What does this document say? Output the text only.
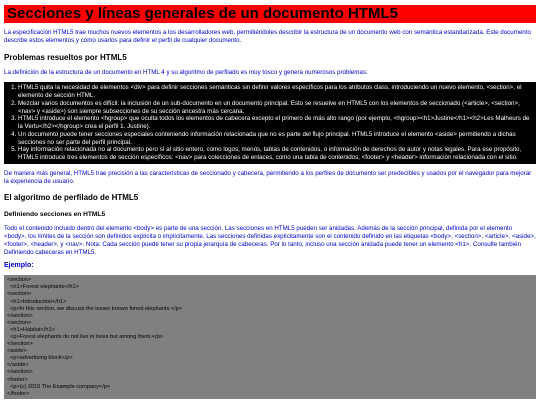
Secciones y líneas generales de un documento HTML5

La especificación HTML5 trae muchos nuevos elementos a los desarrolladores web, permitiéndoles describir la estructura de un documento web con semántica estandarizada. Este documento describe estos elementos y cómo usarlos para definir el perfil de cualquier documento.

Problemas resueltos por HTML5

La definición de la estructura de un documento en HTML 4 y su algoritmo de perfilado es muy tosco y genera numerosos problemas:

1. HTML5 quita la necesidad de elementos <div> para definir secciones semánticas sin definir valores específicos para los atributos class, introduciendo un nuevo elemento, <section>, el elemento de sección HTML.
2. Mezclar varios documentos es difícil: la inclusión de un sub-documento en un documento principal. Esto se resuelve en HTML5 con los elementos de seccionado (<article>, <section>, <nav> y <aside>) son siempre subsecciones de su sección ancestra más cercana.
3. HTML5 introduce el elemento <hgroup> que oculta todos los elementos de cabecera excepto el primero de más alto rango (por ejemplo, <hgroup><h1>Justine</h1><h2>Les Malheurs de la Vertu</h2></hgroup> crea el perfil 1. Justine).
4. Un documento puede tener secciones especiales conteniendo información relacionada que no es parte del flujo principal. HTML5 introduce el elemento <aside> permitiendo a dichas secciones no ser parte del perfil principal.
5. Hay información relacionada no al documento pero sí al sitio entero, como logos, menús, tablas de contenidos, o información de derechos de autor y notas legales. Para ese propósito, HTML5 introduce tres elementos de sección específicos: <nav> para colecciones de enlaces, como una tabla de contenidos, <footer> y <header> información relacionada con el sitio.

De manera más general, HTML5 trae precisión a las características de seccionado y cabecera, permitiendo a los perfiles de documento ser predecibles y usados por el navegador para mejorar la experiencia de usuario.

El algoritmo de perfilado de HTML5
Definiendo secciones en HTML5

Todo el contenido incluido dentro del elemento <body> es parte de una sección. Las secciones en HTML5 pueden ser anidadas. Además de la sección principal, definida por el elemento <body>, los límites de la sección son definidos explícita o implícitamente. Las secciones definidas explícitamente son el contenido definido en las etiquetas <body>, <section>, <article>, <aside>, <footer>, <header>, y <nav>. Nota: Cada sección puede tener su propia jerarquía de cabeceras. Por lo tanto, incluso una sección anidada puede tener un elemento <h1>. Consulte también Definiendo cabeceras en HTML5.

Ejemplo:
<section>
<h1>Forest elephants</h1>
<section>
<h1>Introduction</h1>
<p>In this section, we discuss the lesser known forest elephants.</p>
</section>
<section>
<h1>Habitat</h1>
<p>Forest elephants do not live in trees but among them.</p>
</section>
<aside>
<p>advertising block</p>
</aside>
</section>
<footer>
<p>(c) 2010 The Example company</p>
</footer>
